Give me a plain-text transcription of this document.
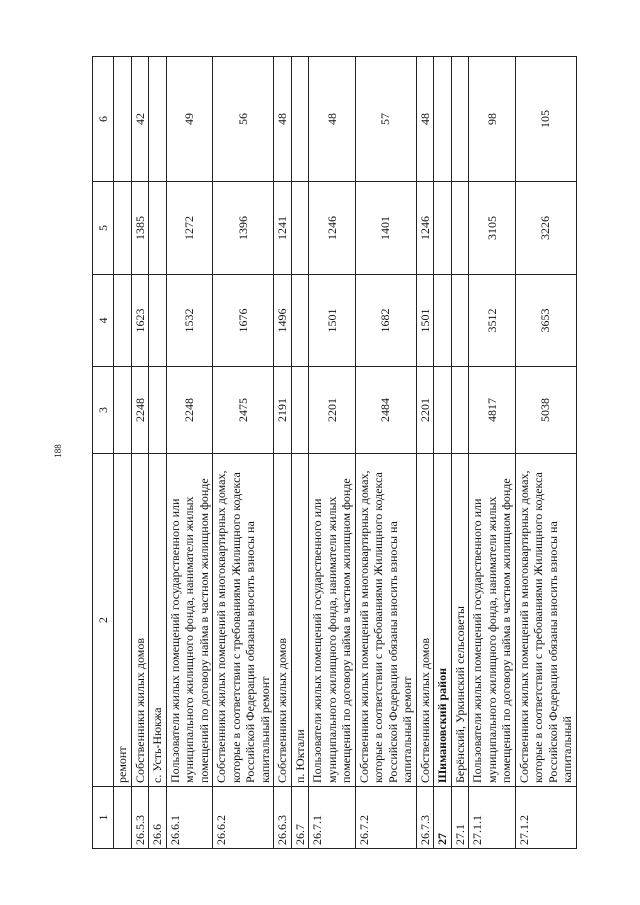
188
1	2	3	4	5	6
	ремонт				
26.5.3	Собственники жилых домов	2248	1623	1385	42
26.6	с. Усть-Нюкжа				
26.6.1	Пользователи жилых помещений государственного или муниципального жилищного фонда, наниматели жилых помещений по договору найма в частном жилищном фонде	2248	1532	1272	49
26.6.2	Собственники жилых помещений в многоквартирных домах, которые в соответствии с требованиями Жилищного кодекса Российской Федерации обязаны вносить взносы на капитальный ремонт	2475	1676	1396	56
26.6.3	Собственники жилых домов	2191	1496	1241	48
26.7	п. Юктали				
26.7.1	Пользователи жилых помещений государственного или муниципального жилищного фонда, наниматели жилых помещений по договору найма в частном жилищном фонде	2201	1501	1246	48
26.7.2	Собственники жилых помещений в многоквартирных домах, которые в соответствии с требованиями Жилищного кодекса Российской Федерации обязаны вносить взносы на капитальный ремонт	2484	1682	1401	57
26.7.3	Собственники жилых домов	2201	1501	1246	48
27	Шимановский район				
27.1	Берёнский, Уркинский сельсоветы				
27.1.1	Пользователи жилых помещений государственного или муниципального жилищного фонда, наниматели жилых помещений по договору найма в частном жилищном фонде	4817	3512	3105	98
27.1.2	Собственники жилых помещений в многоквартирных домах, которые в соответствии с требованиями Жилищного кодекса Российской Федерации обязаны вносить взносы на капитальный	5038	3653	3226	105
